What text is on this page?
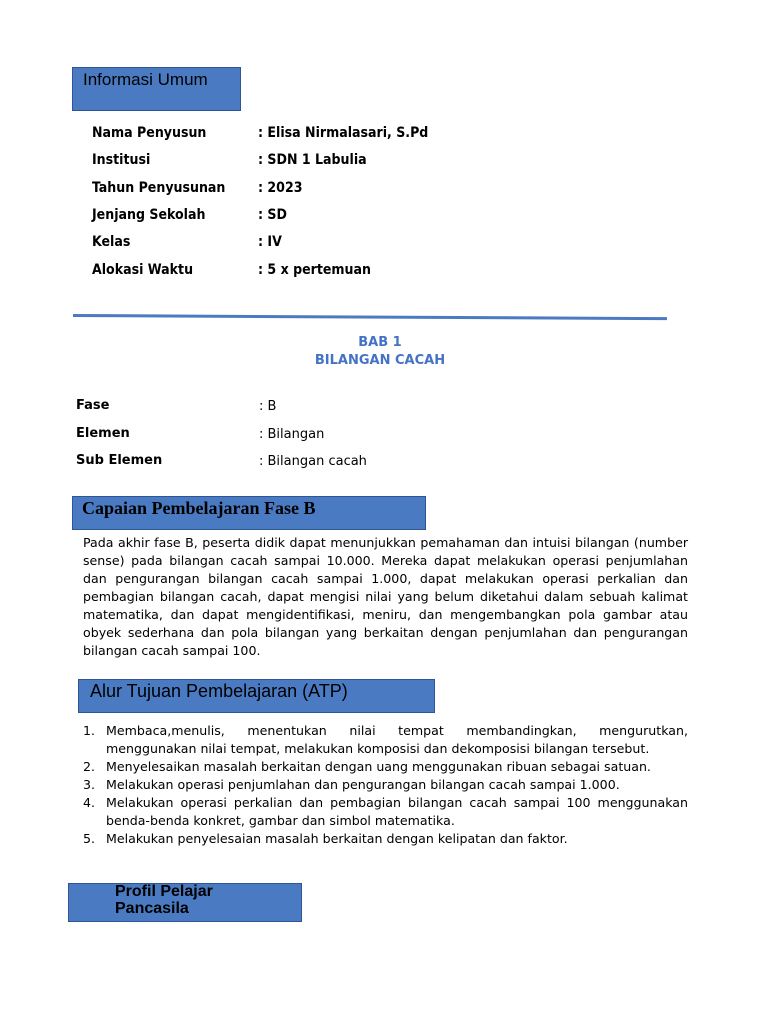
Informasi Umum
Nama Penyusun	: Elisa Nirmalasari, S.Pd
Institusi	: SDN 1 Labulia
Tahun Penyusunan : 2023
Jenjang Sekolah	: SD
Kelas	: IV
Alokasi Waktu	: 5 x pertemuan
BAB 1
BILANGAN CACAH
Fase	: B
Elemen	: Bilangan
Sub Elemen	: Bilangan cacah
Capaian Pembelajaran Fase B

Pada akhir fase B, peserta didik dapat menunjukkan pemahaman dan intuisi bilangan (number sense) pada bilangan cacah sampai 10.000. Mereka dapat melakukan operasi penjumlahan dan pengurangan bilangan cacah sampai 1.000, dapat melakukan operasi perkalian dan pembagian bilangan cacah, dapat mengisi nilai yang belum diketahui dalam sebuah kalimat matematika, dan dapat mengidentifikasi, meniru, dan mengembangkan pola gambar atau obyek sederhana dan pola bilangan yang berkaitan dengan penjumlahan dan pengurangan bilangan cacah sampai 100.

Alur Tujuan Pembelajaran (ATP)
1. Membaca,menulis, menentukan nilai tempat membandingkan, mengurutkan, menggunakan nilai tempat, melakukan komposisi dan dekomposisi bilangan tersebut.
2. Menyelesaikan masalah berkaitan dengan uang menggunakan ribuan sebagai satuan.
3. Melakukan operasi penjumlahan dan pengurangan bilangan cacah sampai 1.000.
4. Melakukan operasi perkalian dan pembagian bilangan cacah sampai 100 menggunakan benda-benda konkret, gambar dan simbol matematika.
5. Melakukan penyelesaian masalah berkaitan dengan kelipatan dan faktor.
Profil Pelajar Pancasila
